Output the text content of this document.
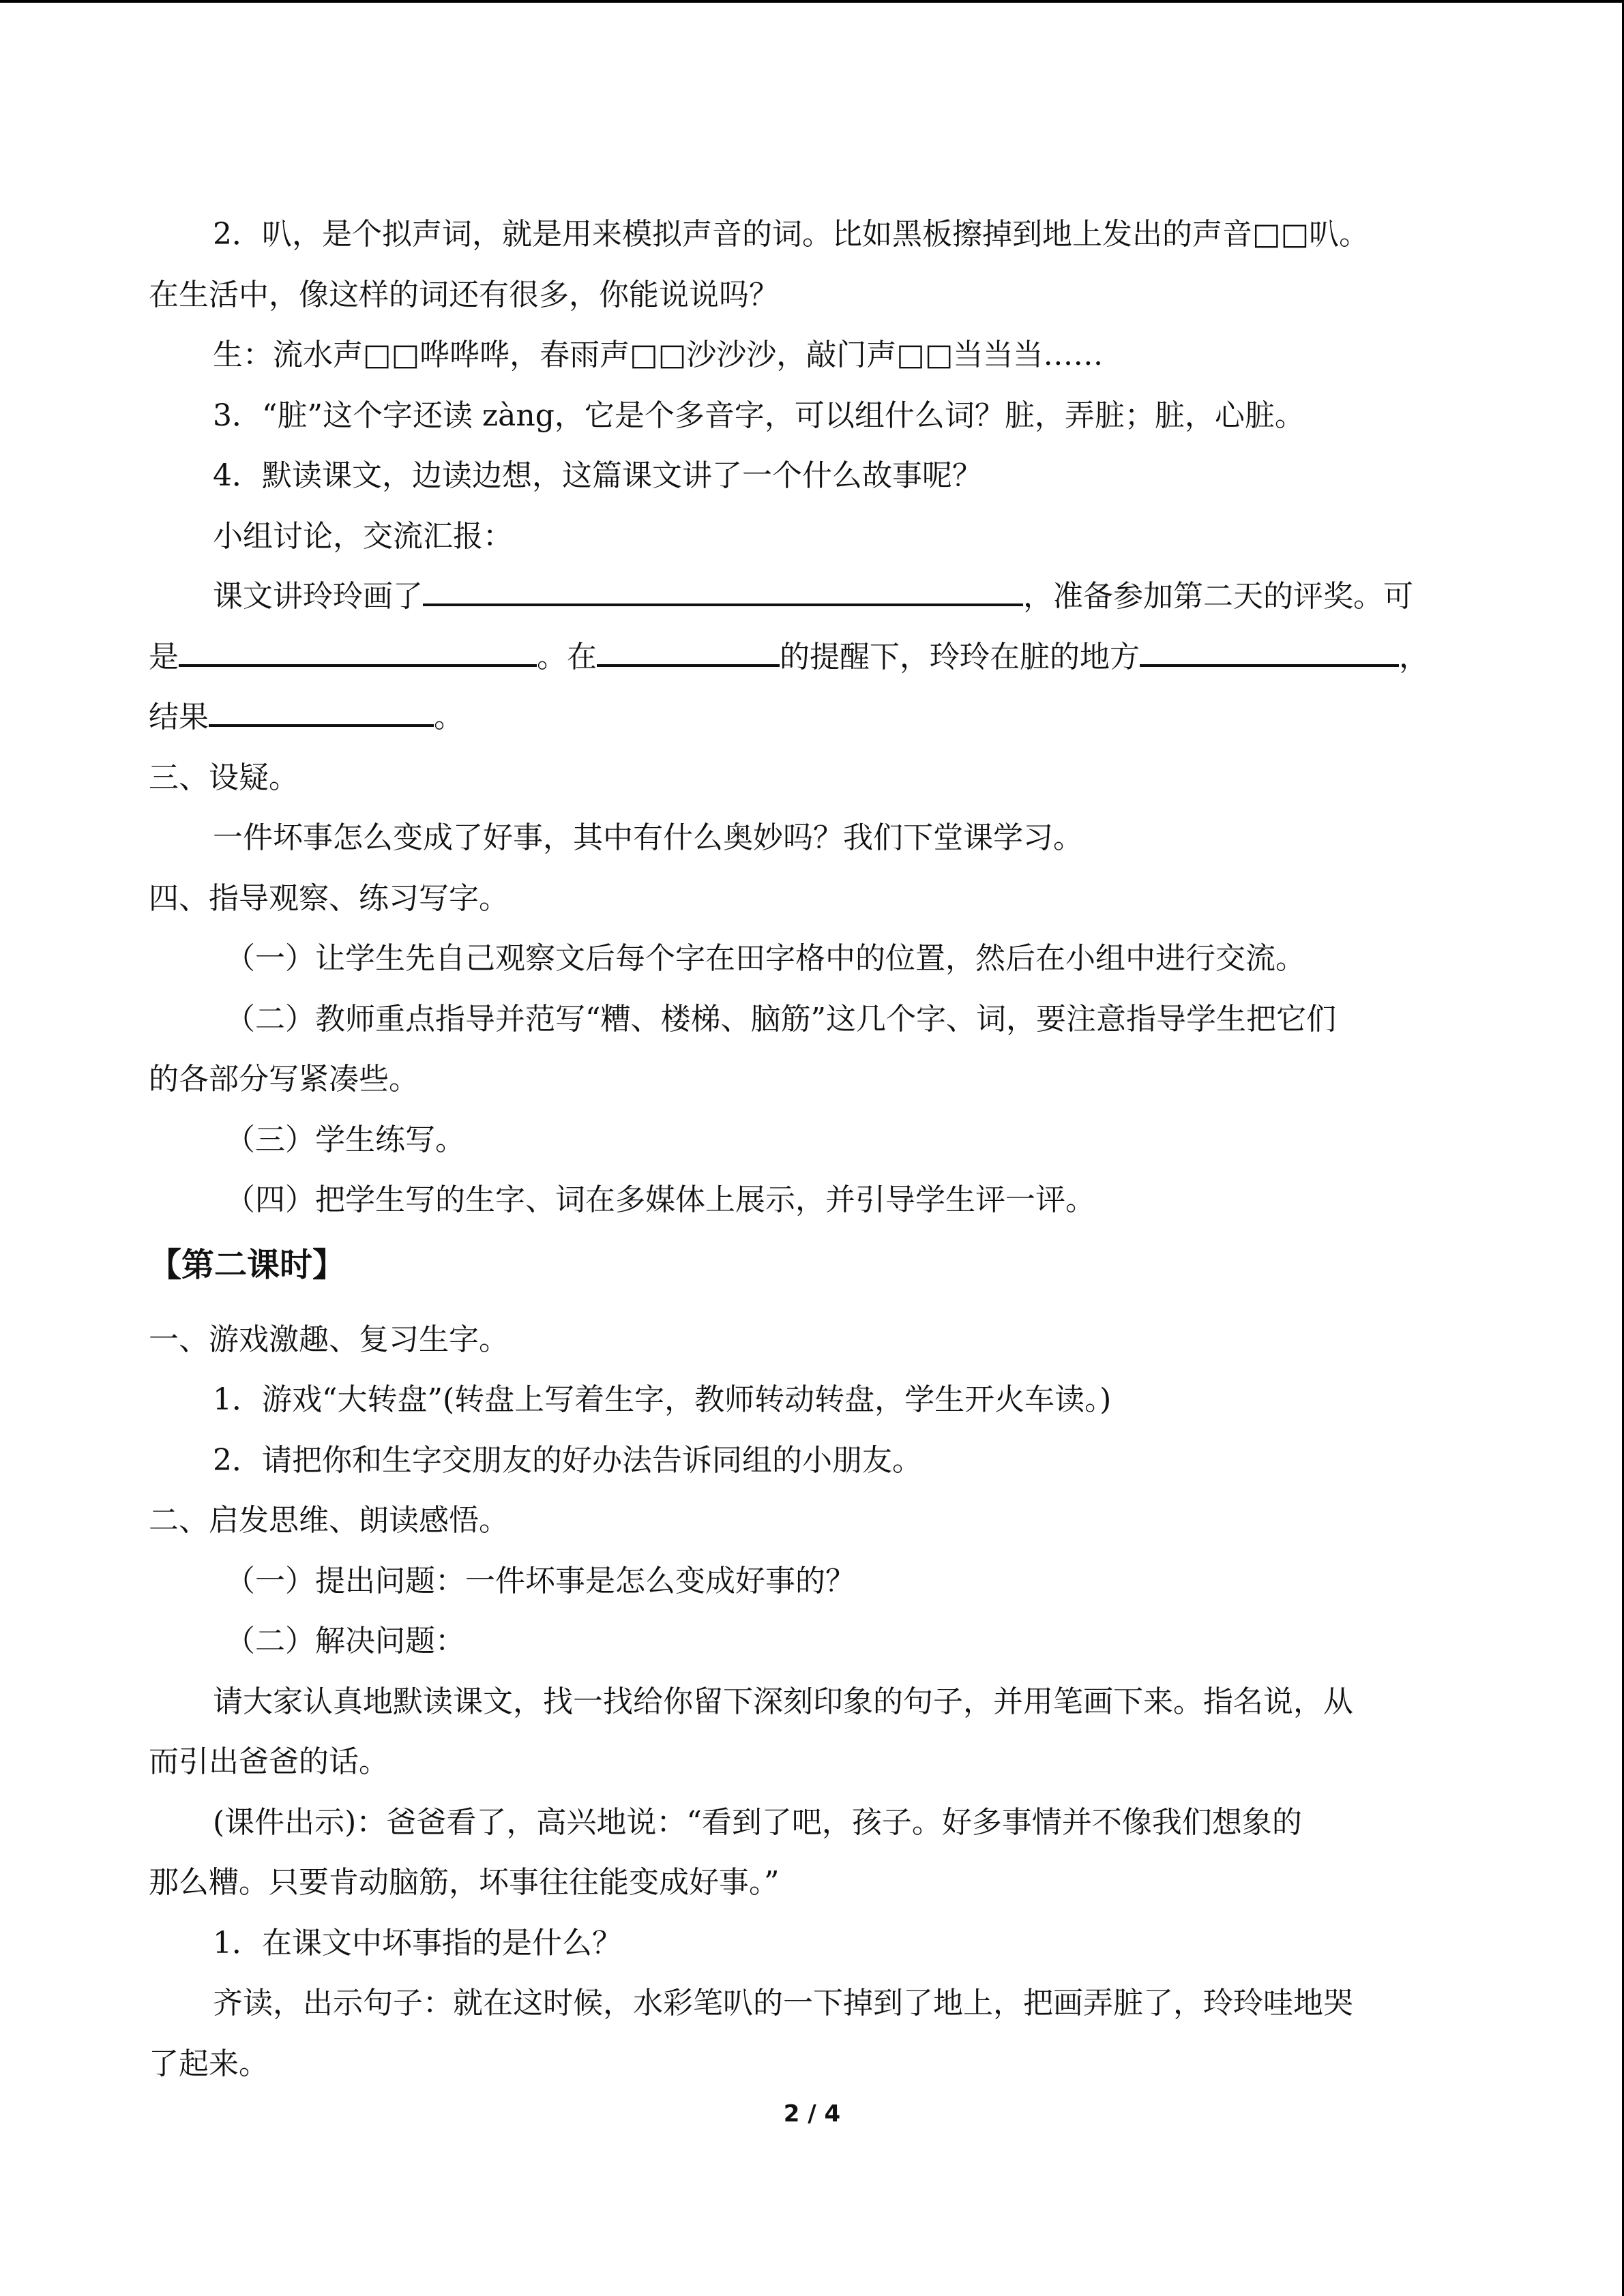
2．叭，是个拟声词，就是用来模拟声音的词。比如黑板擦掉到地上发出的声音□□叭。
在生活中，像这样的词还有很多，你能说说吗？
生：流水声□□哗哗哗，春雨声□□沙沙沙，敲门声□□当当当……
3．“脏”这个字还读 zàng，它是个多音字，可以组什么词？脏，弄脏；脏，心脏。
4．默读课文，边读边想，这篇课文讲了一个什么故事呢？
小组讨论，交流汇报：
课文讲玲玲画了	，准备参加第二天的评奖。可
是	。在	的提醒下，玲玲在脏的地方	，
结果	。
三、设疑。
一件坏事怎么变成了好事，其中有什么奥妙吗？我们下堂课学习。
四、指导观察、练习写字。
（一）让学生先自己观察文后每个字在田字格中的位置，然后在小组中进行交流。
（二）教师重点指导并范写“糟、楼梯、脑筋”这几个字、词，要注意指导学生把它们
的各部分写紧凑些。
（三）学生练写。
（四）把学生写的生字、词在多媒体上展示，并引导学生评一评。
【第二课时】
一、游戏激趣、复习生字。
1．游戏“大转盘”(转盘上写着生字，教师转动转盘，学生开火车读。)
2．请把你和生字交朋友的好办法告诉同组的小朋友。
二、启发思维、朗读感悟。
（一）提出问题：一件坏事是怎么变成好事的？
（二）解决问题：
请大家认真地默读课文，找一找给你留下深刻印象的句子，并用笔画下来。指名说，从
而引出爸爸的话。
(课件出示)：爸爸看了，高兴地说：“看到了吧，孩子。好多事情并不像我们想象的
那么糟。只要肯动脑筋，坏事往往能变成好事。”
1．在课文中坏事指的是什么？
齐读，出示句子：就在这时候，水彩笔叭的一下掉到了地上，把画弄脏了，玲玲哇地哭
了起来。
2 / 4
